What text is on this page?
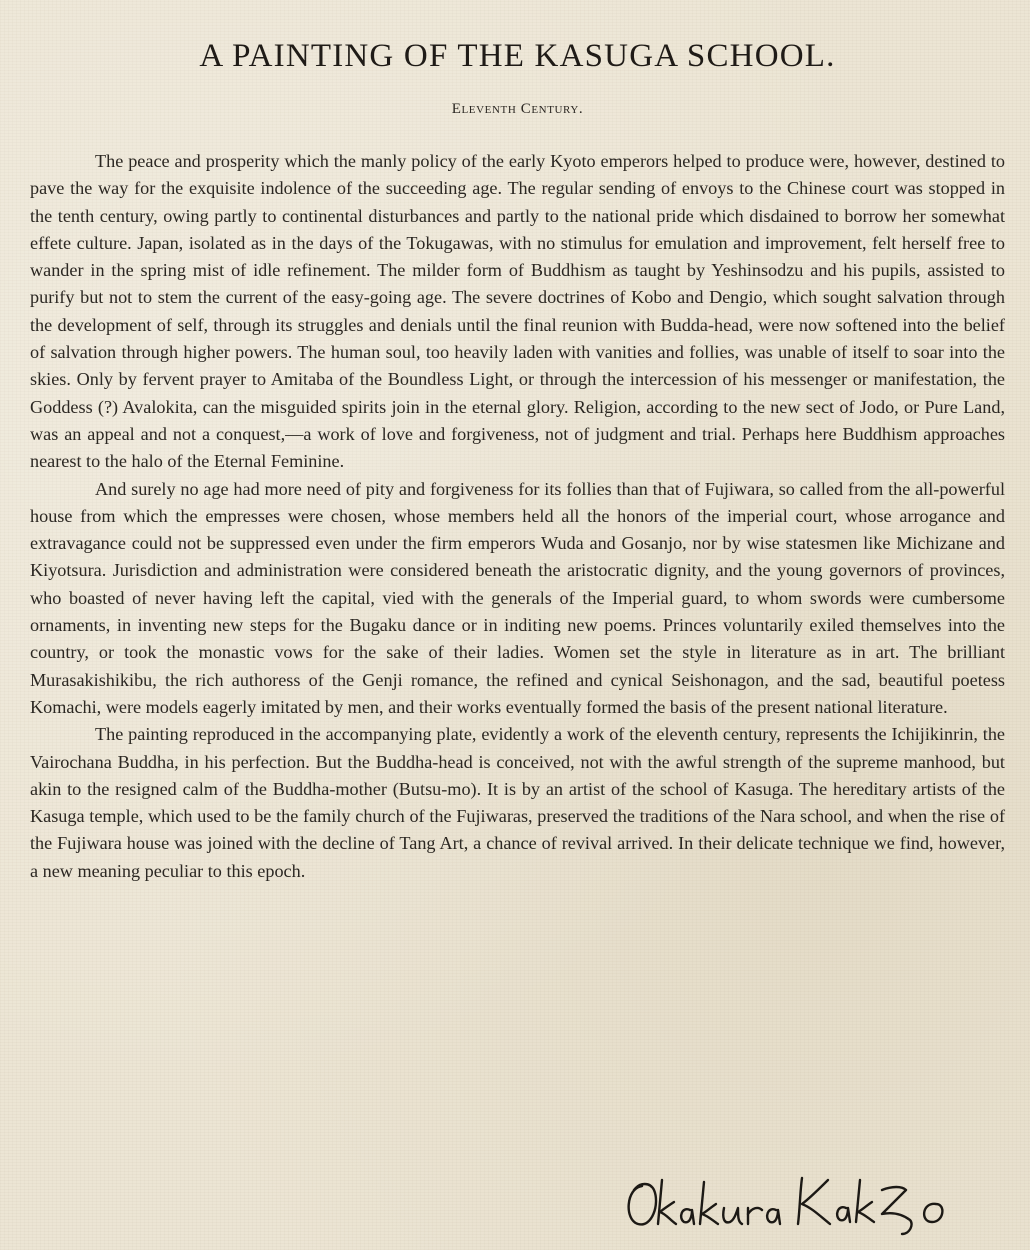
A PAINTING OF THE KASUGA SCHOOL.
Eleventh Century.

The peace and prosperity which the manly policy of the early Kyoto emperors helped to produce were, however, destined to pave the way for the exquisite indolence of the succeeding age. The regular sending of envoys to the Chinese court was stopped in the tenth century, owing partly to continental disturbances and partly to the national pride which disdained to borrow her somewhat effete culture. Japan, isolated as in the days of the Tokugawas, with no stimulus for emulation and improvement, felt herself free to wander in the spring mist of idle refinement. The milder form of Buddhism as taught by Yeshinsodzu and his pupils, assisted to purify but not to stem the current of the easy-going age. The severe doctrines of Kobo and Dengio, which sought salvation through the development of self, through its struggles and denials until the final reunion with Budda-head, were now softened into the belief of salvation through higher powers. The human soul, too heavily laden with vanities and follies, was unable of itself to soar into the skies. Only by fervent prayer to Amitaba of the Boundless Light, or through the intercession of his messenger or manifestation, the Goddess (?) Avalokita, can the misguided spirits join in the eternal glory. Religion, according to the new sect of Jodo, or Pure Land, was an appeal and not a conquest,—a work of love and forgiveness, not of judgment and trial. Perhaps here Buddhism approaches nearest to the halo of the Eternal Feminine.

And surely no age had more need of pity and forgiveness for its follies than that of Fujiwara, so called from the all-powerful house from which the empresses were chosen, whose members held all the honors of the imperial court, whose arrogance and extravagance could not be suppressed even under the firm emperors Wuda and Gosanjo, nor by wise statesmen like Michizane and Kiyotsura. Jurisdiction and administration were considered beneath the aristocratic dignity, and the young governors of provinces, who boasted of never having left the capital, vied with the generals of the Imperial guard, to whom swords were cumbersome ornaments, in inventing new steps for the Bugaku dance or in inditing new poems. Princes voluntarily exiled themselves into the country, or took the monastic vows for the sake of their ladies. Women set the style in literature as in art. The brilliant Murasakishikibu, the rich authoress of the Genji romance, the refined and cynical Seishonagon, and the sad, beautiful poetess Komachi, were models eagerly imitated by men, and their works eventually formed the basis of the present national literature.

The painting reproduced in the accompanying plate, evidently a work of the eleventh century, represents the Ichijikinrin, the Vairochana Buddha, in his perfection. But the Buddha-head is conceived, not with the awful strength of the supreme manhood, but akin to the resigned calm of the Buddha-mother (Butsu-mo). It is by an artist of the school of Kasuga. The hereditary artists of the Kasuga temple, which used to be the family church of the Fujiwaras, preserved the traditions of the Nara school, and when the rise of the Fujiwara house was joined with the decline of Tang Art, a chance of revival arrived. In their delicate technique we find, however, a new meaning peculiar to this epoch.
